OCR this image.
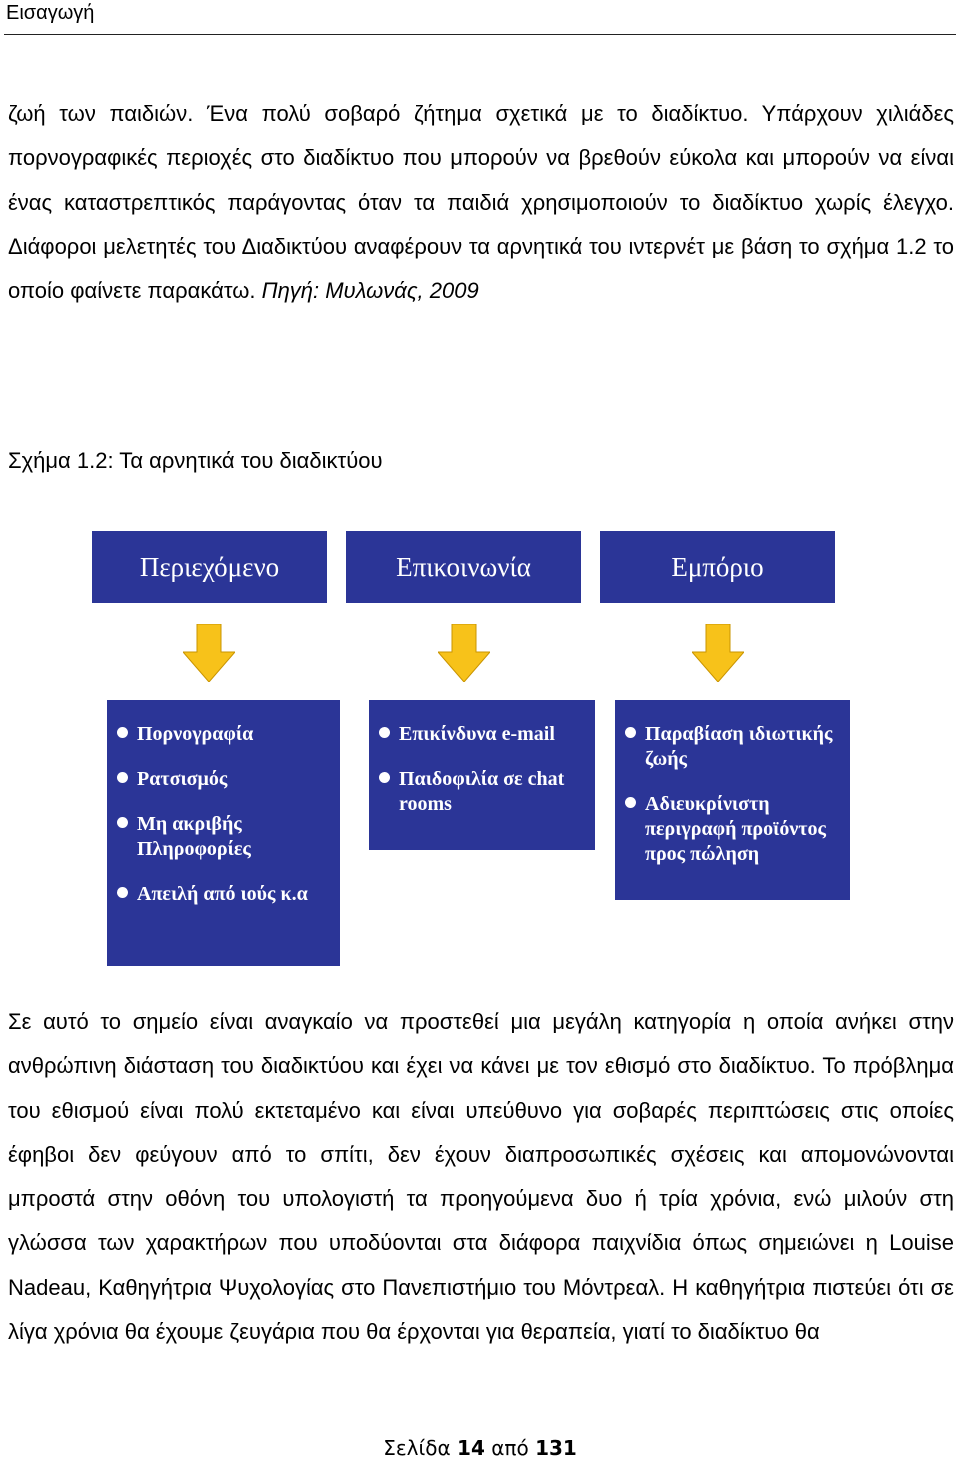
Εισαγωγή
ζωή των παιδιών. Ένα πολύ σοβαρό ζήτημα σχετικά με το διαδίκτυο. Υπάρχουν χιλιάδες πορνογραφικές περιοχές στο διαδίκτυο που μπορούν να βρεθούν εύκολα και μπορούν να είναι ένας καταστρεπτικός παράγοντας όταν τα παιδιά χρησιμοποιούν το διαδίκτυο χωρίς έλεγχο. Διάφοροι μελετητές του Διαδικτύου αναφέρουν τα αρνητικά του ιντερνέτ με βάση το σχήμα 1.2 το οποίο φαίνετε παρακάτω. Πηγή: Μυλωνάς, 2009
Σχήμα 1.2: Τα αρνητικά του διαδικτύου
Περιεχόμενο	Επικοινωνία	Εμπόριο
Πορνογραφία
Ρατσισμός
Μη ακριβής Πληροφορίες
Απειλή από ιούς κ.α
Επικίνδυνα e-mail
Παιδοφιλία σε chat rooms
Παραβίαση ιδιωτικής ζωής
Αδιευκρίνιστη περιγραφή προϊόντος προς πώληση
Σε αυτό το σημείο είναι αναγκαίο να προστεθεί μια μεγάλη κατηγορία η οποία ανήκει στην ανθρώπινη διάσταση του διαδικτύου και έχει να κάνει με τον εθισμό στο διαδίκτυο. Το πρόβλημα του εθισμού είναι πολύ εκτεταμένο και είναι υπεύθυνο για σοβαρές περιπτώσεις στις οποίες έφηβοι δεν φεύγουν από το σπίτι, δεν έχουν διαπροσωπικές σχέσεις και απομονώνονται μπροστά στην οθόνη του υπολογιστή τα προηγούμενα δυο ή τρία χρόνια, ενώ μιλούν στη γλώσσα των χαρακτήρων που υποδύονται στα διάφορα παιχνίδια όπως σημειώνει η Louise Nadeau, Καθηγήτρια Ψυχολογίας στο Πανεπιστήμιο του Μόντρεαλ. Η καθηγήτρια πιστεύει ότι σε λίγα χρόνια θα έχουμε ζευγάρια που θα έρχονται για θεραπεία, γιατί το διαδίκτυο θα
Σελίδα 14 από 131
